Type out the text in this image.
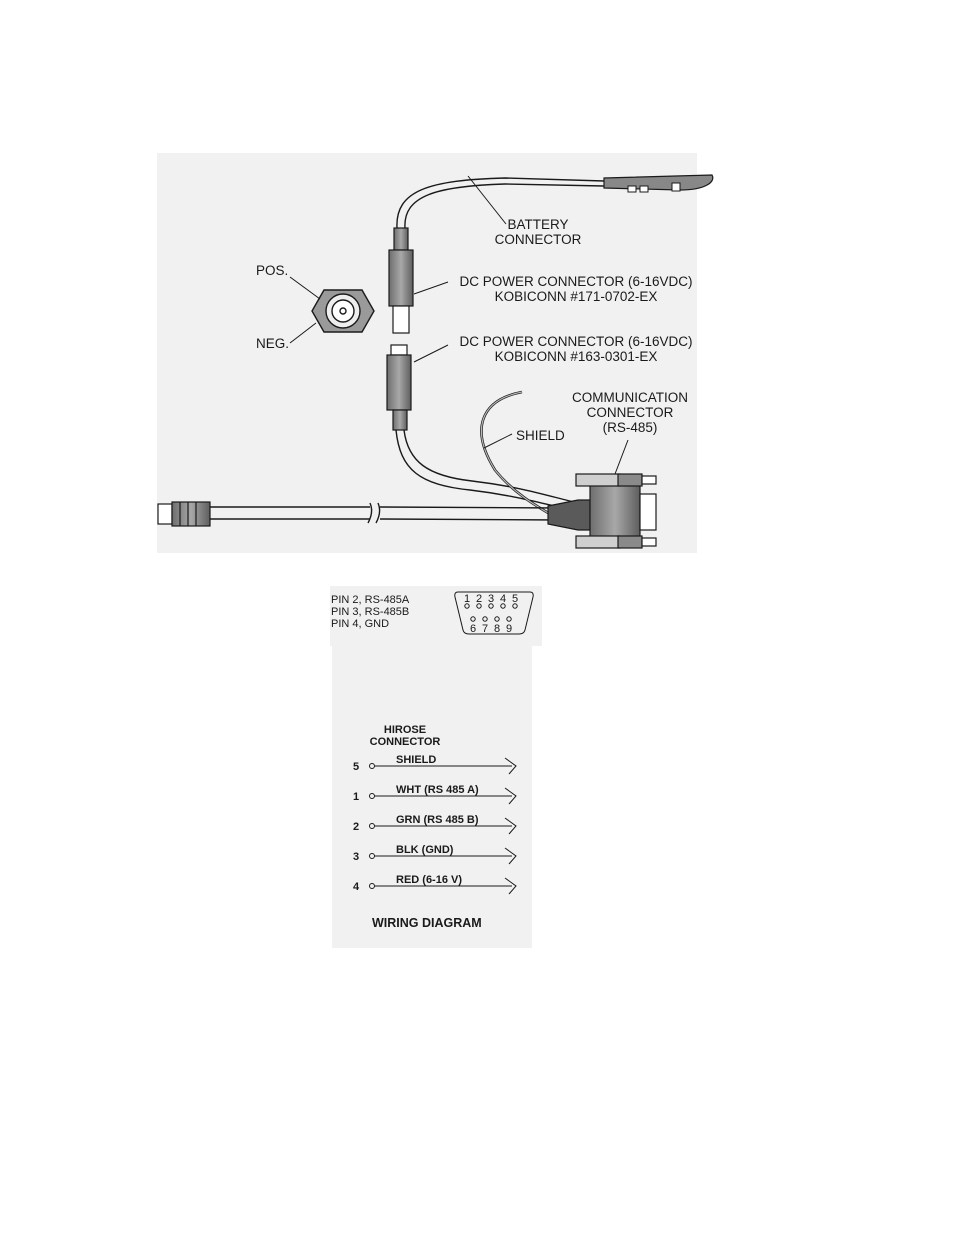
BATTERY
CONNECTOR
DC POWER CONNECTOR (6-16VDC)
KOBICONN #171-0702-EX
DC POWER CONNECTOR (6-16VDC)
KOBICONN #163-0301-EX
POS.
NEG.
COMMUNICATION
CONNECTOR
(RS-485)
SHIELD
PIN 2, RS-485A
PIN 3, RS-485B
PIN 4, GND
1 2 3 4 5
6 7 8 9
HIROSE
CONNECTOR
5
SHIELD
1
WHT (RS 485 A)
2
GRN (RS 485 B)
3
BLK (GND)
4
RED (6-16 V)
WIRING DIAGRAM
